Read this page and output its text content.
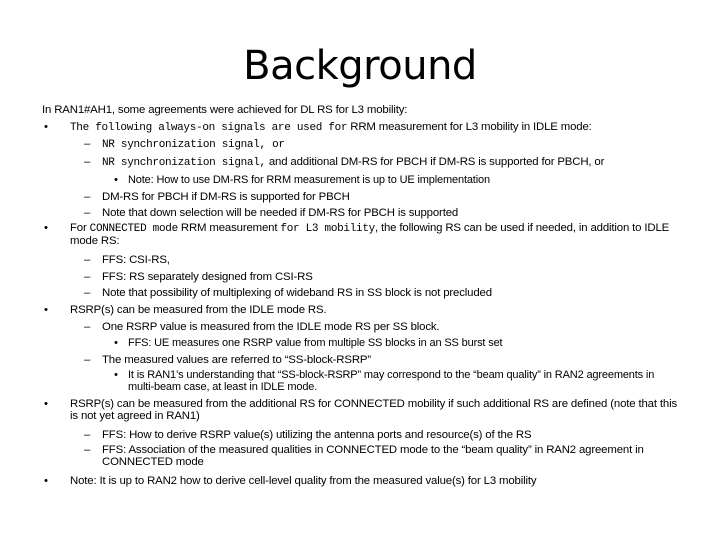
Background

In RAN1#AH1, some agreements were achieved for DL RS for L3 mobility:

• The following always-on signals are used for RRM measurement for L3 mobility in IDLE mode:
– NR synchronization signal, or
– NR synchronization signal, and additional DM-RS for PBCH if DM-RS is supported for PBCH, or
• Note: How to use DM-RS for RRM measurement is up to UE implementation
– DM-RS for PBCH if DM-RS is supported for PBCH
– Note that down selection will be needed if DM-RS for PBCH is supported
• For CONNECTED mode RRM measurement for L3 mobility, the following RS can be used if needed, in addition to IDLE mode RS:
– FFS: CSI-RS,
– FFS: RS separately designed from CSI-RS
– Note that possibility of multiplexing of wideband RS in SS block is not precluded
• RSRP(s) can be measured from the IDLE mode RS.
– One RSRP value is measured from the IDLE mode RS per SS block.
• FFS: UE measures one RSRP value from multiple SS blocks in an SS burst set
– The measured values are referred to “SS-block-RSRP”
• It is RAN1’s understanding that “SS-block-RSRP” may correspond to the “beam quality” in RAN2 agreements in multi-beam case, at least in IDLE mode.
• RSRP(s) can be measured from the additional RS for CONNECTED mobility if such additional RS are defined (note that this is not yet agreed in RAN1)
– FFS: How to derive RSRP value(s) utilizing the antenna ports and resource(s) of the RS
– FFS: Association of the measured qualities in CONNECTED mode to the “beam quality” in RAN2 agreement in CONNECTED mode
• Note: It is up to RAN2 how to derive cell-level quality from the measured value(s) for L3 mobility
